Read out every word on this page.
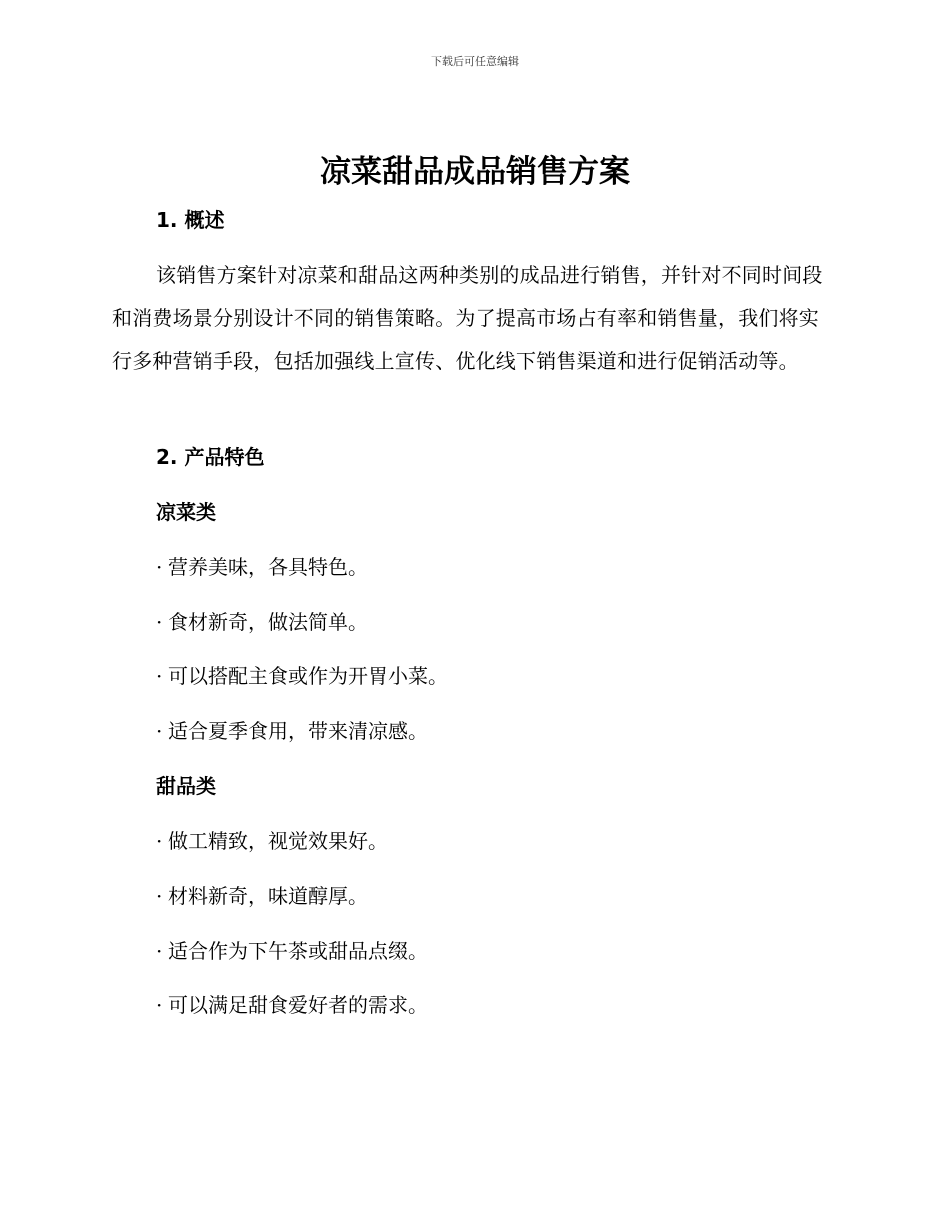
下载后可任意编辑
凉菜甜品成品销售方案
1. 概述

该销售方案针对凉菜和甜品这两种类别的成品进行销售，并针对不同时间段和消费场景分别设计不同的销售策略。为了提高市场占有率和销售量，我们将实行多种营销手段，包括加强线上宣传、优化线下销售渠道和进行促销活动等。

2. 产品特色
凉菜类
· 营养美味，各具特色。
· 食材新奇，做法简单。
· 可以搭配主食或作为开胃小菜。
· 适合夏季食用，带来清凉感。
甜品类
· 做工精致，视觉效果好。
· 材料新奇，味道醇厚。
· 适合作为下午茶或甜品点缀。
· 可以满足甜食爱好者的需求。
